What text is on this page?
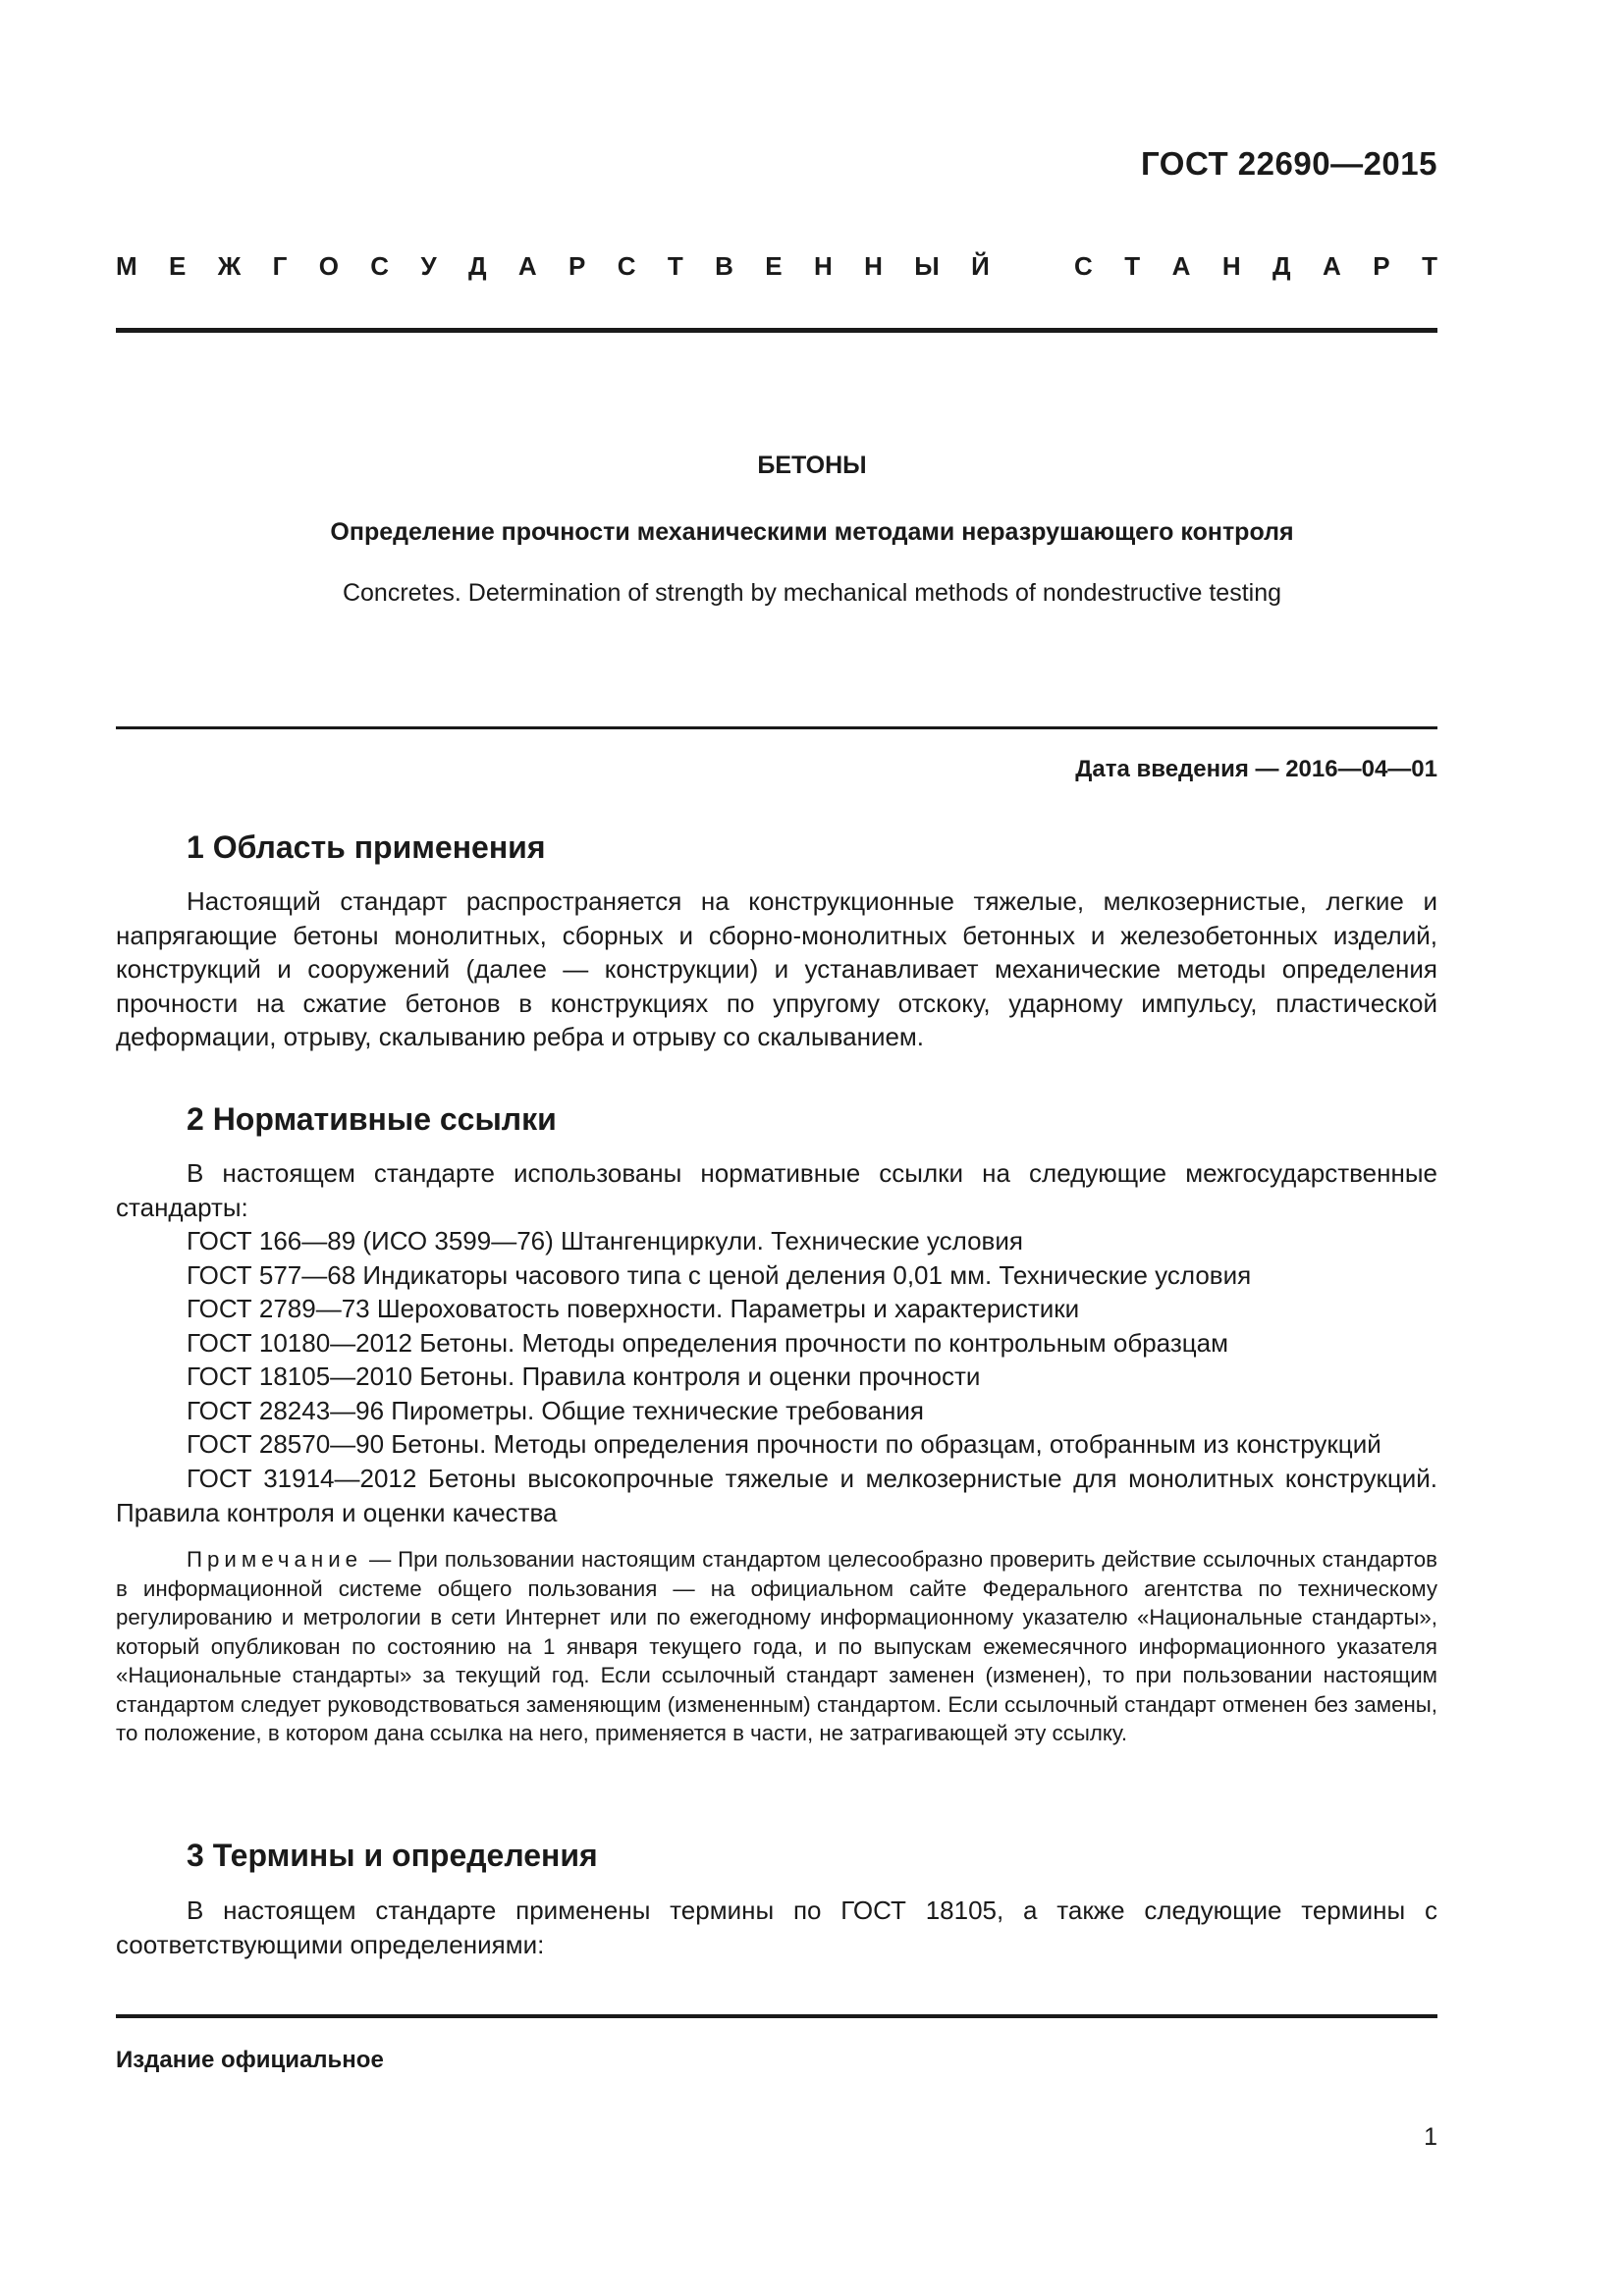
ГОСТ 22690—2015
М Е Ж Г О С У Д А Р С Т В Е Н Н Ы Й	С Т А Н Д А Р Т
БЕТОНЫ
Определение прочности механическими методами неразрушающего контроля
Concretes. Determination of strength by mechanical methods of nondestructive testing
Дата введения — 2016—04—01
1 Область применения

Настоящий стандарт распространяется на конструкционные тяжелые, мелкозернистые, легкие и напрягающие бетоны монолитных, сборных и сборно-монолитных бетонных и железобетонных изделий, конструкций и сооружений (далее — конструкции) и устанавливает механические методы определения прочности на сжатие бетонов в конструкциях по упругому отскоку, ударному импульсу, пластической деформации, отрыву, скалыванию ребра и отрыву со скалыванием.

2 Нормативные ссылки

В настоящем стандарте использованы нормативные ссылки на следующие межгосударственные стандарты:

ГОСТ 166—89 (ИСО 3599—76) Штангенциркули. Технические условия

ГОСТ 577—68 Индикаторы часового типа с ценой деления 0,01 мм. Технические условия

ГОСТ 2789—73 Шероховатость поверхности. Параметры и характеристики

ГОСТ 10180—2012 Бетоны. Методы определения прочности по контрольным образцам

ГОСТ 18105—2010 Бетоны. Правила контроля и оценки прочности

ГОСТ 28243—96 Пирометры. Общие технические требования

ГОСТ 28570—90 Бетоны. Методы определения прочности по образцам, отобранным из конструкций

ГОСТ 31914—2012 Бетоны высокопрочные тяжелые и мелкозернистые для монолитных конструкций. Правила контроля и оценки качества

Примечание — При пользовании настоящим стандартом целесообразно проверить действие ссылочных стандартов в информационной системе общего пользования — на официальном сайте Федерального агентства по техническому регулированию и метрологии в сети Интернет или по ежегодному информационному указателю «Национальные стандарты», который опубликован по состоянию на 1 января текущего года, и по выпускам ежемесячного информационного указателя «Национальные стандарты» за текущий год. Если ссылочный стандарт заменен (изменен), то при пользовании настоящим стандартом следует руководствоваться заменяющим (измененным) стандартом. Если ссылочный стандарт отменен без замены, то положение, в котором дана ссылка на него, применяется в части, не затрагивающей эту ссылку.

3 Термины и определения

В настоящем стандарте применены термины по ГОСТ 18105, а также следующие термины с соответствующими определениями:

Издание официальное
1
